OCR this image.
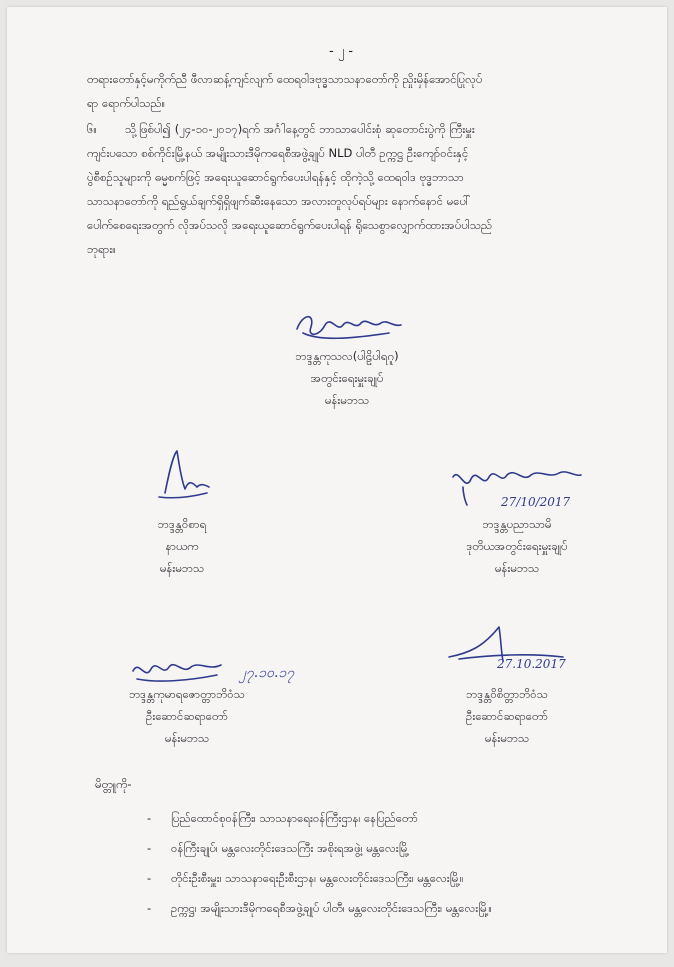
- ၂ -
တရားတော်နှင့်မကိုက်ညီ ဖီလာဆန့်ကျင်လျက် ထေရဝါဒဗုဒ္ဓသာသနာတော်ကို ညှိုးမှိန်အောင်ပြုလုပ်
ရာ ရောက်ပါသည်။
၆။ သို့ဖြစ်ပါ၍ (၂၄-၁၀-၂၀၁၇)ရက် အင်္ဂါနေ့တွင် ဘာသာပေါင်းစုံ ဆုတောင်းပွဲကို ကြီးမှူး
ကျင်းပသော စစ်ကိုင်းမြို့နယ် အမျိုးသားဒီမိုကရေစီအဖွဲ့ချုပ် NLD ပါတီ ဥက္ကဋ္ဌ ဦးကျော်ဝင်းနှင့်
ပွဲစီစဉ်သူများကို ဓမ္မစက်ဖြင့် အရေးယူဆောင်ရွက်ပေးပါရန်နှင့် ထိုကဲ့သို့ ထေရဝါဒ ဗုဒ္ဓဘာသာ
သာသနာတော်ကို ရည်ရွယ်ချက်ရှိရှိဖျက်ဆီးနေသော အလားတူလုပ်ရပ်များ နောက်နောင် မပေါ်
ပေါက်စေရေးအတွက် လိုအပ်သလို အရေးယူဆောင်ရွက်ပေးပါရန် ရိုသေစွာလျှောက်ထားအပ်ပါသည်
ဘုရား။
ဘဒ္ဒန္တကုသလ(ပါဠိပါရဂူ)
အတွင်းရေးမှူးချုပ်
မန်းမဘသ
ဘဒ္ဒန္တဝိစာရ
နာယက
မန်းမဘသ
27/10/2017
ဘဒ္ဒန္တပညာသာမိ
ဒုတိယအတွင်းရေးမှူးချုပ်
မန်းမဘသ
၂၇.၁၀.၁၇
ဘဒ္ဒန္တကုမာရဇောတ္တာဘိဝံသ
ဦးဆောင်ဆရာတော်
မန်းမဘသ
27.10.2017
ဘဒ္ဒန္တဝိစိတ္တာဘိဝံသ
ဦးဆောင်ဆရာတော်
မန်းမဘသ
မိတ္တူကို-
- ပြည်ထောင်စုဝန်ကြီး၊ သာသနာရေးဝန်ကြီးဌာန၊ နေပြည်တော်
- ဝန်ကြီးချုပ်၊ မန္တလေးတိုင်းဒေသကြီး အစိုးရအဖွဲ့၊ မန္တလေးမြို့
- တိုင်းဦးစီးမှူး၊ သာသနာရေးဦးစီးဌာန၊ မန္တလေးတိုင်းဒေသကြီး၊ မန္တလေးမြို့။
- ဥက္ကဋ္ဌ၊ အမျိုးသားဒီမိုကရေစီအဖွဲ့ချုပ် ပါတီ၊ မန္တလေးတိုင်းဒေသကြီး၊ မန္တလေးမြို့။
